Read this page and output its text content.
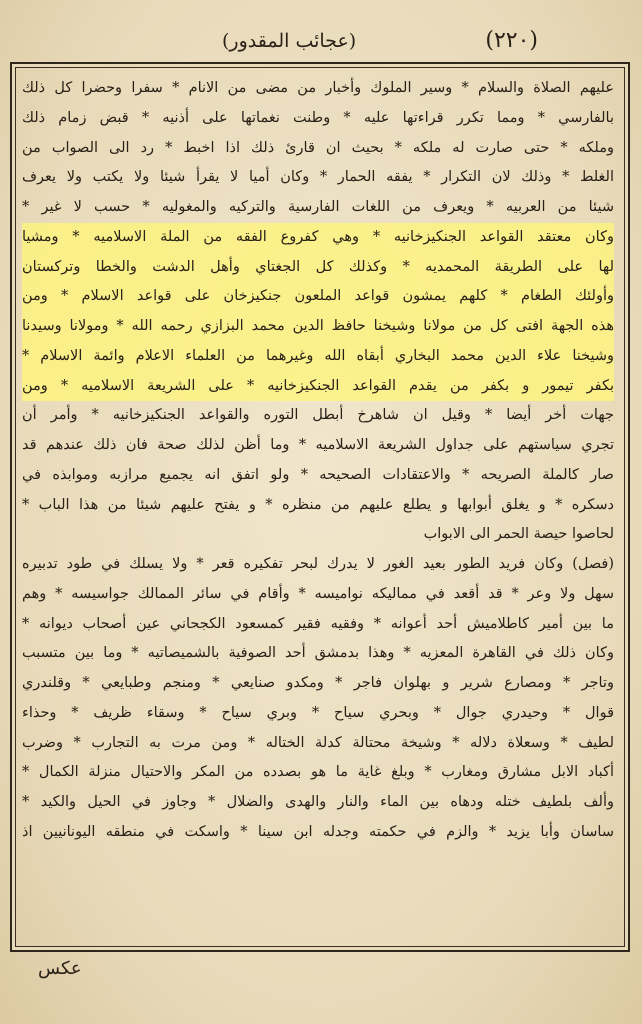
(٢٢٠)
(عجائب المقدور)
عليهم الصلاة والسلام * وسير الملوك وأخبار من مضى من الانام * سفرا وحضرا كل ذلك
بالفارسي * ومما تكرر قراءتها عليه * وطنت نغماتها على أذنيه * قبض زمام ذلك
وملكه * حتى صارت له ملكه * بحيث ان قارئ ذلك اذا اخبط * رد الى الصواب من
الغلط * وذلك لان التكرار * يفقه الحمار * وكان أميا لا يقرأ شيئا ولا يكتب ولا يعرف
شيئا من العربيه * ويعرف من اللغات الفارسية والتركيه والمغوليه * حسب لا غير *
وكان معتقد القواعد الجنكيزخانيه * وهي كفروع الفقه من الملة الاسلاميه * ومشيا
لها على الطريقة المحمديه * وكذلك كل الجغتاي وأهل الدشت والخطا وتركستان
وأولئك الطغام * كلهم يمشون قواعد الملعون جنكيزخان على قواعد الاسلام * ومن
هذه الجهة افتى كل من مولانا وشيخنا حافظ الدين محمد البزازي رحمه الله * ومولانا وسيدنا
وشيخنا علاء الدين محمد البخاري أبقاه الله وغيرهما من العلماء الاعلام وائمة الاسلام *
بكفر تيمور و بكفر من يقدم القواعد الجنكيزخانيه * على الشريعة الاسلاميه * ومن
جهات أخر أيضا * وقيل ان شاهرخ أبطل التوره والقواعد الجنكيزخانيه * وأمر أن
تجري سياستهم على جداول الشريعة الاسلاميه * وما أظن لذلك صحة فان ذلك عندهم قد
صار كالملة الصريحه * والاعتقادات الصحيحه * ولو اتفق انه يجميع مرازبه وموابذه في
دسكره * و يغلق أبوابها و يطلع عليهم من منظره * و يفتح عليهم شيئا من هذا الباب *
لحاصوا حيصة الحمر الى الابواب
(فصل) وكان فريد الطور بعيد الغور لا يدرك لبحر تفكيره قعر * ولا يسلك في طود تدبيره
سهل ولا وعر * قد أقعد في مماليكه نواميسه * وأقام في سائر الممالك جواسيسه * وهم
ما بين أمير كاطلاميش أحد أعوانه * وفقيه فقير كمسعود الكجحاني عين أصحاب ديوانه *
وكان ذلك في القاهرة المعزيه * وهذا بدمشق أحد الصوفية بالشميصاتيه * وما بين متسبب
وتاجر * ومصارع شرير و بهلوان فاجر * ومكدو صنايعي * ومنجم وطبايعي * وقلندري
قوال * وحيدري جوال * وبحري سياح * وبري سياح * وسقاء ظريف * وحذاء
لطيف * وسعلاة دلاله * وشيخة محتالة كدلة الختاله * ومن مرت به التجارب * وضرب
أكباد الابل مشارق ومغارب * وبلغ غاية ما هو بصدده من المكر والاحتيال منزلة الكمال *
وألف بلطيف ختله ودهاه بين الماء والنار والهدى والضلال * وجاوز في الحيل والكيد *
ساسان وأبا يزيد * والزم في حكمته وجدله ابن سينا * واسكت في منطقه اليونانيين اذ
عكس
